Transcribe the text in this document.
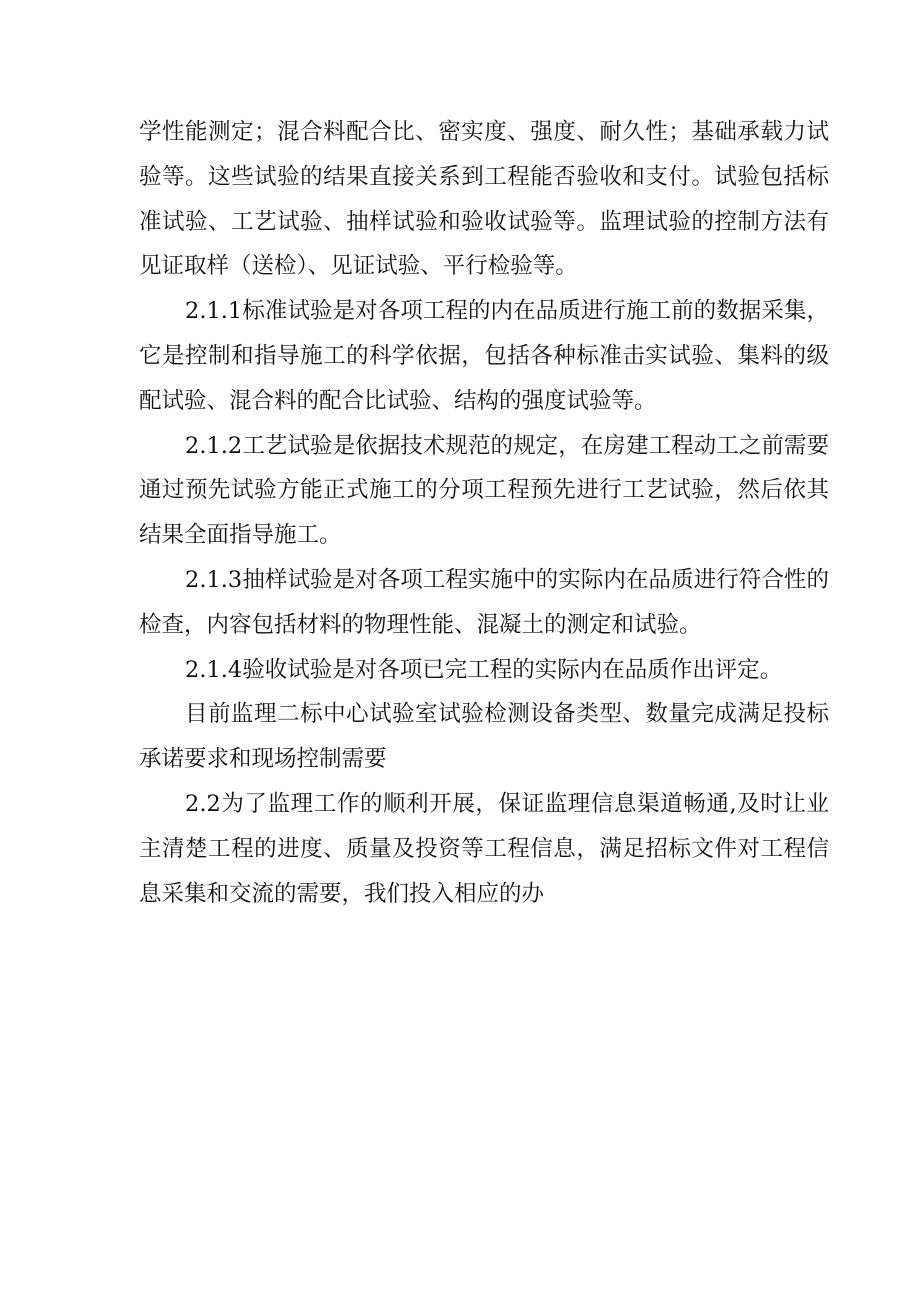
学性能测定；混合料配合比、密实度、强度、耐久性；基础承载力试验等。这些试验的结果直接关系到工程能否验收和支付。试验包括标准试验、工艺试验、抽样试验和验收试验等。监理试验的控制方法有见证取样（送检）、见证试验、平行检验等。

2.1.1标准试验是对各项工程的内在品质进行施工前的数据采集，它是控制和指导施工的科学依据，包括各种标准击实试验、集料的级配试验、混合料的配合比试验、结构的强度试验等。

2.1.2工艺试验是依据技术规范的规定，在房建工程动工之前需要通过预先试验方能正式施工的分项工程预先进行工艺试验，然后依其结果全面指导施工。

2.1.3抽样试验是对各项工程实施中的实际内在品质进行符合性的检查，内容包括材料的物理性能、混凝土的测定和试验。

2.1.4验收试验是对各项已完工程的实际内在品质作出评定。

目前监理二标中心试验室试验检测设备类型、数量完成满足投标承诺要求和现场控制需要

2.2为了监理工作的顺利开展，保证监理信息渠道畅通,及时让业主清楚工程的进度、质量及投资等工程信息，满足招标文件对工程信息采集和交流的需要，我们投入相应的办
